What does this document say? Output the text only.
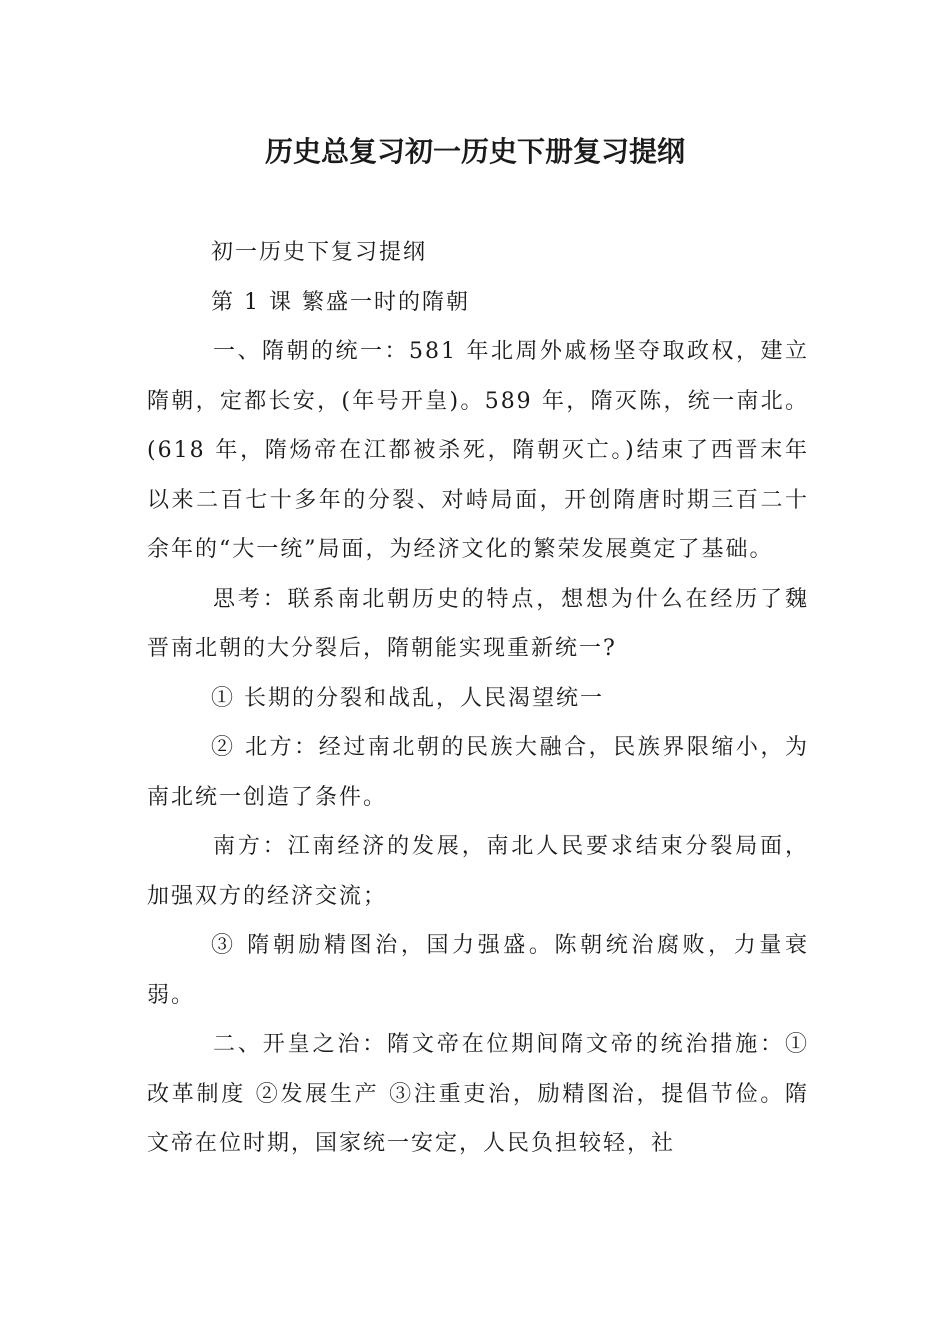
历史总复习初一历史下册复习提纲

初一历史下复习提纲

第 1 课 繁盛一时的隋朝

一、隋朝的统一：581 年北周外戚杨坚夺取政权，建立隋朝，定都长安，(年号开皇)。589 年，隋灭陈，统一南北。(618 年，隋炀帝在江都被杀死，隋朝灭亡。)结束了西晋末年以来二百七十多年的分裂、对峙局面，开创隋唐时期三百二十余年的“大一统”局面，为经济文化的繁荣发展奠定了基础。

思考：联系南北朝历史的特点，想想为什么在经历了魏晋南北朝的大分裂后，隋朝能实现重新统一?

① 长期的分裂和战乱，人民渴望统一

② 北方：经过南北朝的民族大融合，民族界限缩小，为南北统一创造了条件。

南方：江南经济的发展，南北人民要求结束分裂局面，加强双方的经济交流；

③ 隋朝励精图治，国力强盛。陈朝统治腐败，力量衰弱。

二、开皇之治：隋文帝在位期间隋文帝的统治措施：①改革制度 ②发展生产 ③注重吏治，励精图治，提倡节俭。隋文帝在位时期，国家统一安定，人民负担较轻，社
